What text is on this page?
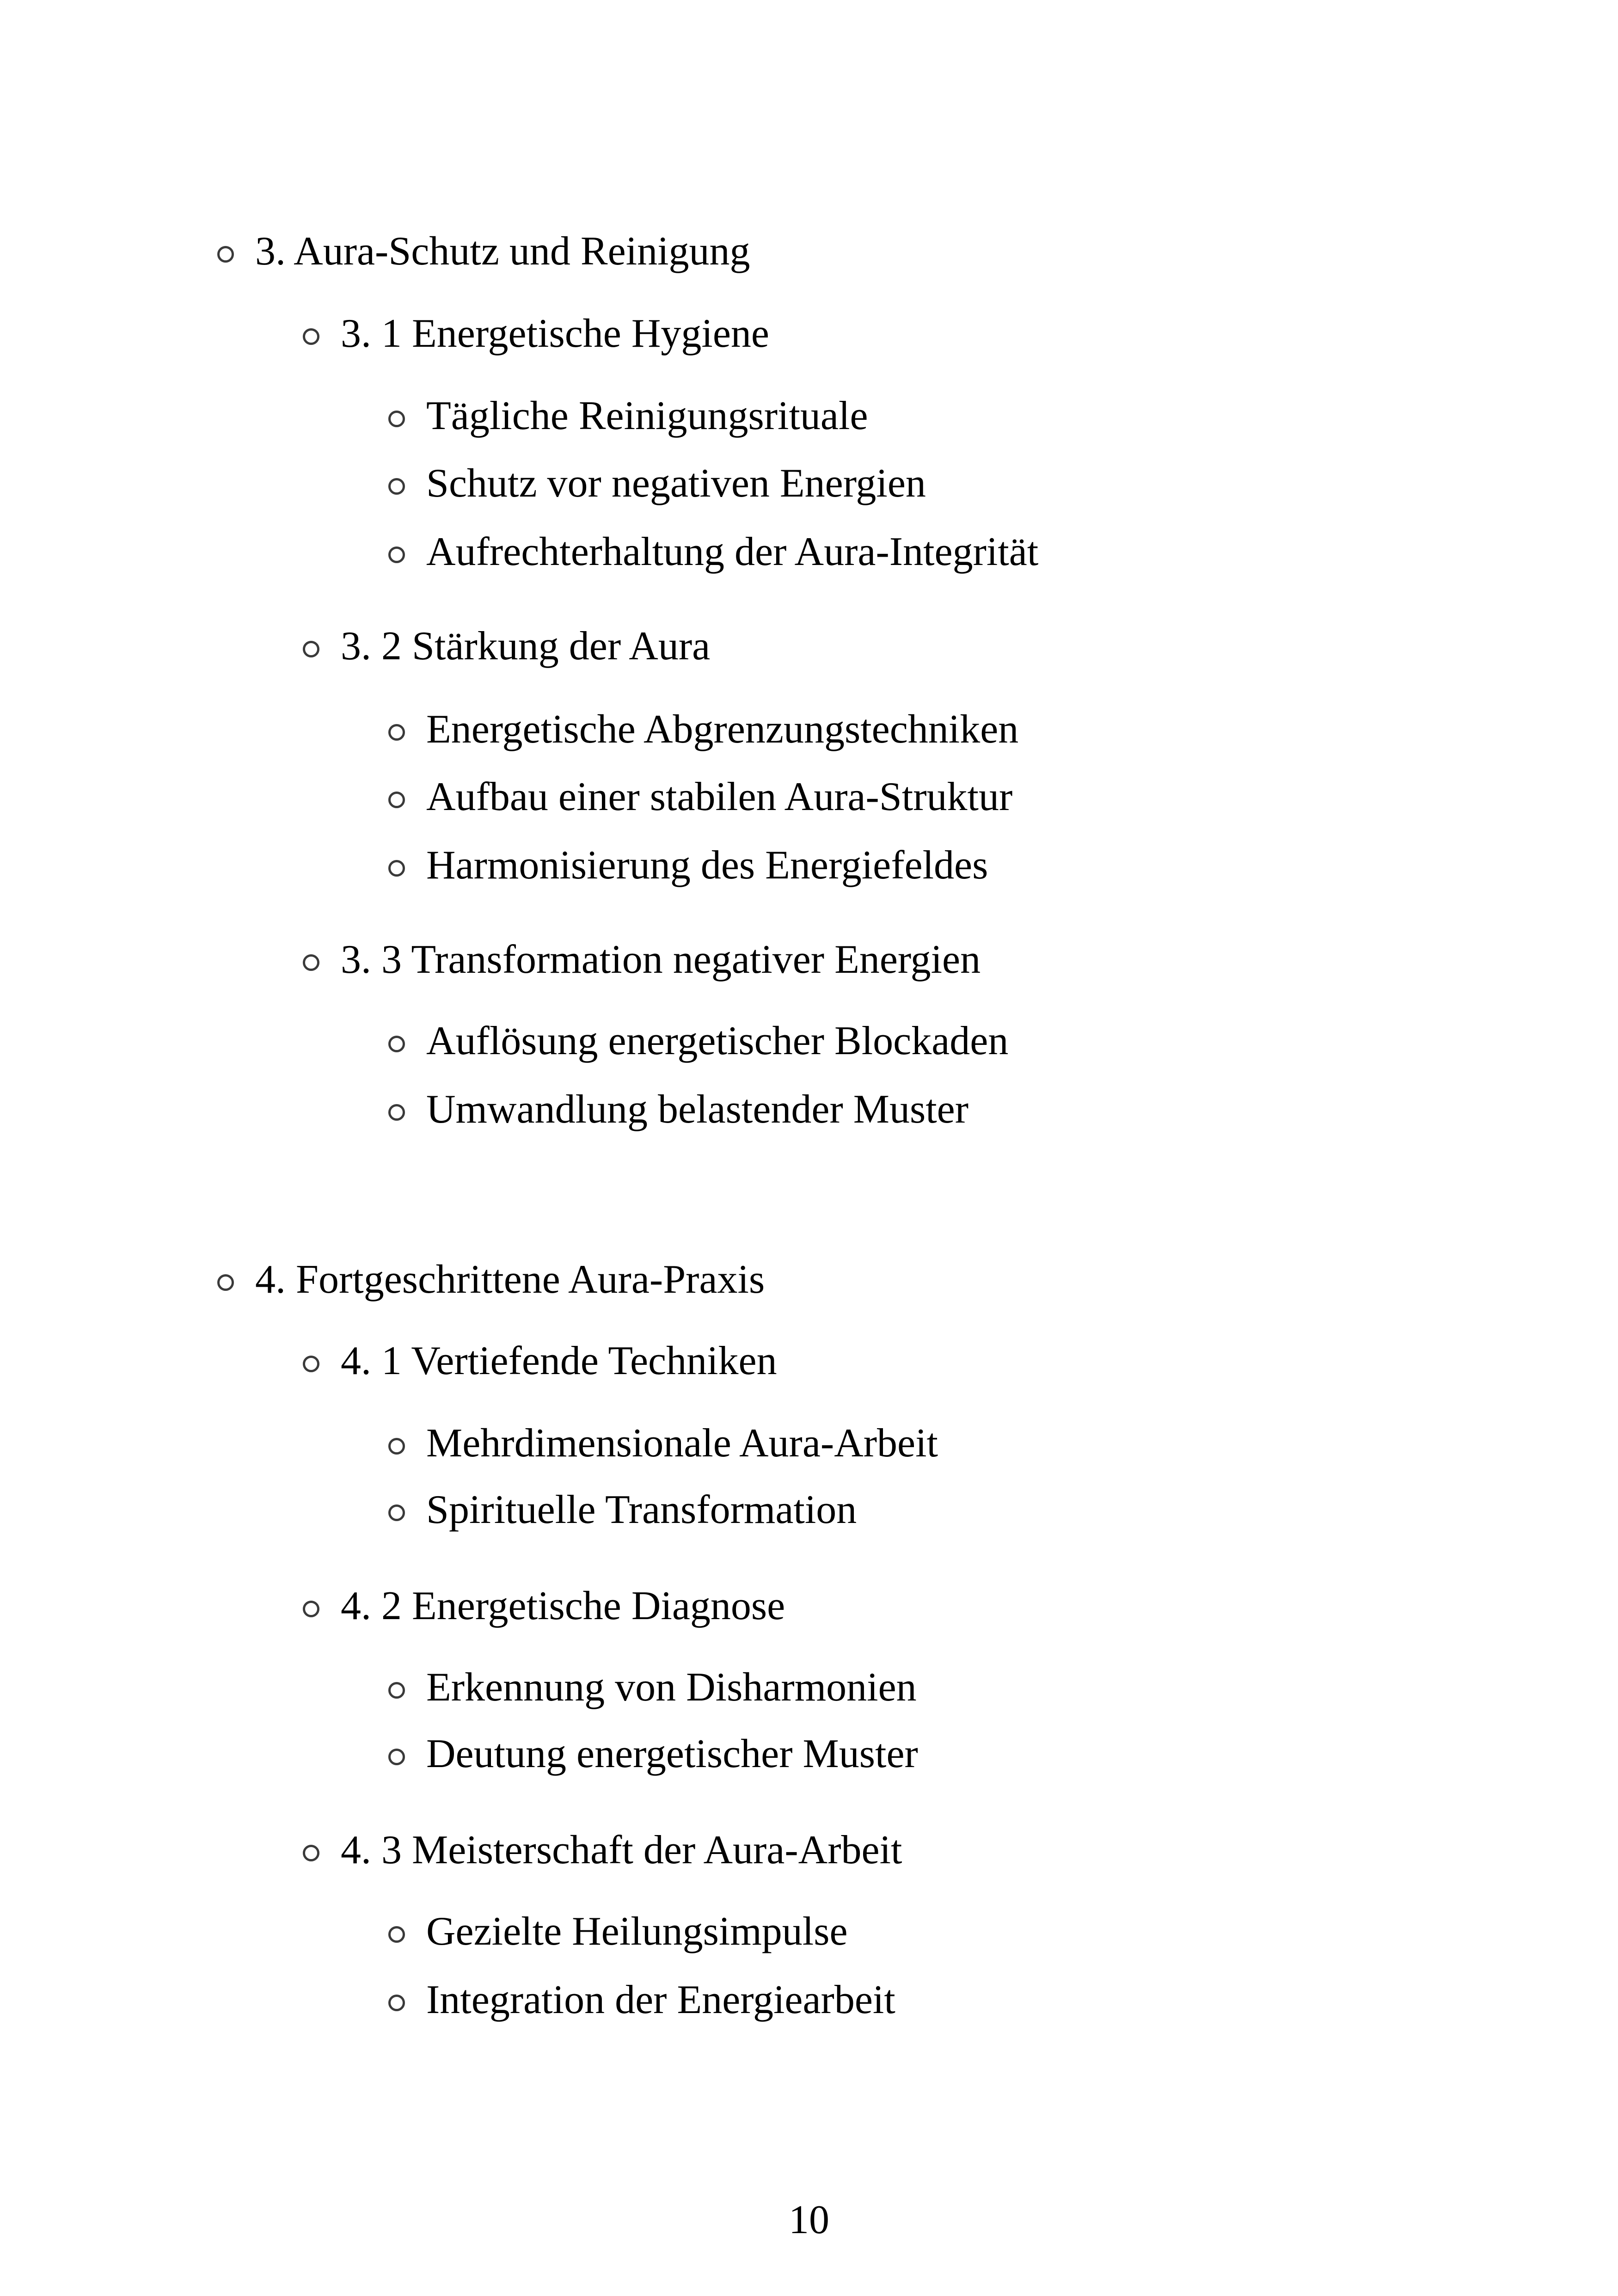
3. Aura-Schutz und Reinigung
3. 1 Energetische Hygiene
Tägliche Reinigungsrituale
Schutz vor negativen Energien
Aufrechterhaltung der Aura-Integrität
3. 2 Stärkung der Aura
Energetische Abgrenzungstechniken
Aufbau einer stabilen Aura-Struktur
Harmonisierung des Energiefeldes
3. 3 Transformation negativer Energien
Auflösung energetischer Blockaden
Umwandlung belastender Muster
4. Fortgeschrittene Aura-Praxis
4. 1 Vertiefende Techniken
Mehrdimensionale Aura-Arbeit
Spirituelle Transformation
4. 2 Energetische Diagnose
Erkennung von Disharmonien
Deutung energetischer Muster
4. 3 Meisterschaft der Aura-Arbeit
Gezielte Heilungsimpulse
Integration der Energiearbeit
10
